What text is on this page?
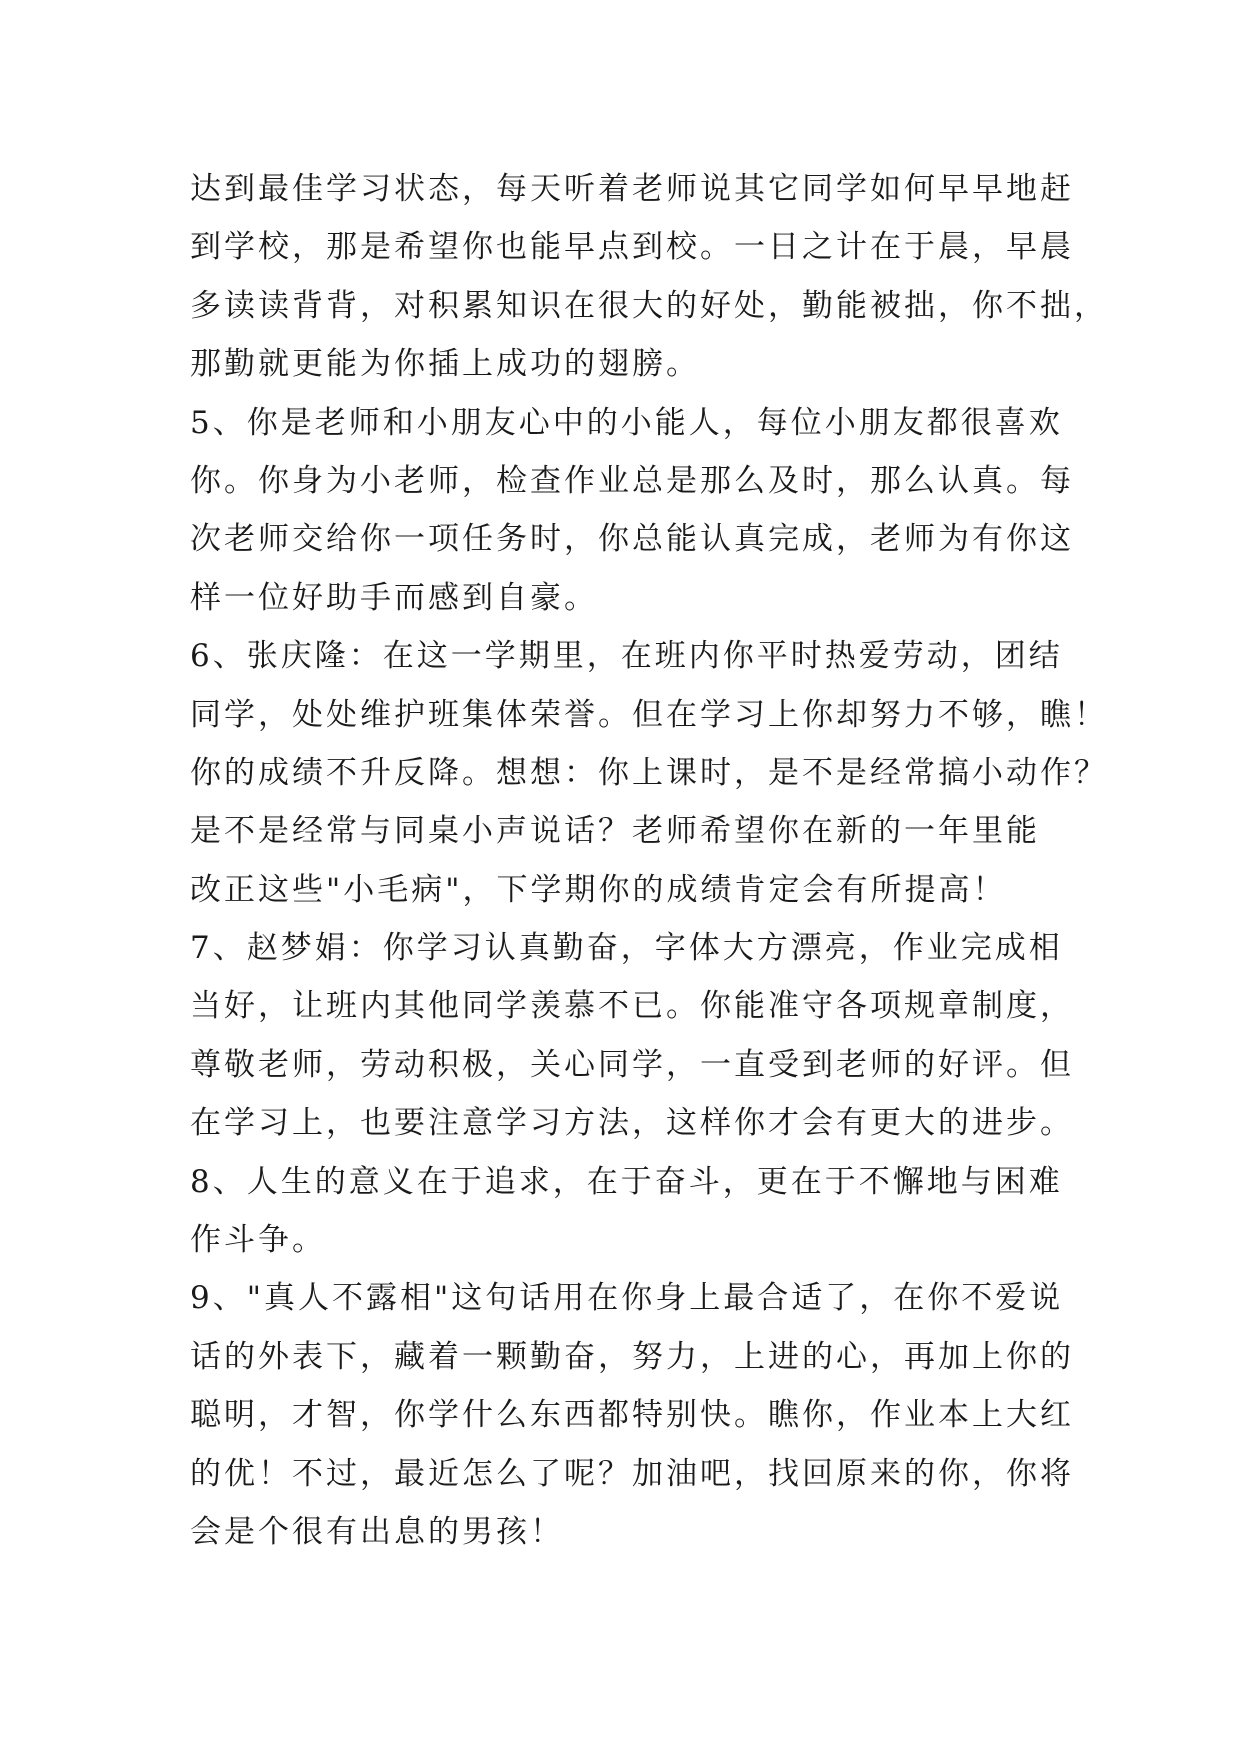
达到最佳学习状态，每天听着老师说其它同学如何早早地赶
到学校，那是希望你也能早点到校。一日之计在于晨，早晨
多读读背背，对积累知识在很大的好处，勤能被拙，你不拙，
那勤就更能为你插上成功的翅膀。
5、你是老师和小朋友心中的小能人，每位小朋友都很喜欢
你。你身为小老师，检查作业总是那么及时，那么认真。每
次老师交给你一项任务时，你总能认真完成，老师为有你这
样一位好助手而感到自豪。
6、张庆隆：在这一学期里，在班内你平时热爱劳动，团结
同学，处处维护班集体荣誉。但在学习上你却努力不够，瞧！
你的成绩不升反降。想想：你上课时，是不是经常搞小动作？
是不是经常与同桌小声说话？老师希望你在新的一年里能
改正这些"小毛病"，下学期你的成绩肯定会有所提高！
7、赵梦娟：你学习认真勤奋，字体大方漂亮，作业完成相
当好，让班内其他同学羡慕不已。你能准守各项规章制度，
尊敬老师，劳动积极，关心同学，一直受到老师的好评。但
在学习上，也要注意学习方法，这样你才会有更大的进步。
8、人生的意义在于追求，在于奋斗，更在于不懈地与困难
作斗争。
9、"真人不露相"这句话用在你身上最合适了，在你不爱说
话的外表下，藏着一颗勤奋，努力，上进的心，再加上你的
聪明，才智，你学什么东西都特别快。瞧你，作业本上大红
的优！不过，最近怎么了呢？加油吧，找回原来的你，你将
会是个很有出息的男孩！
